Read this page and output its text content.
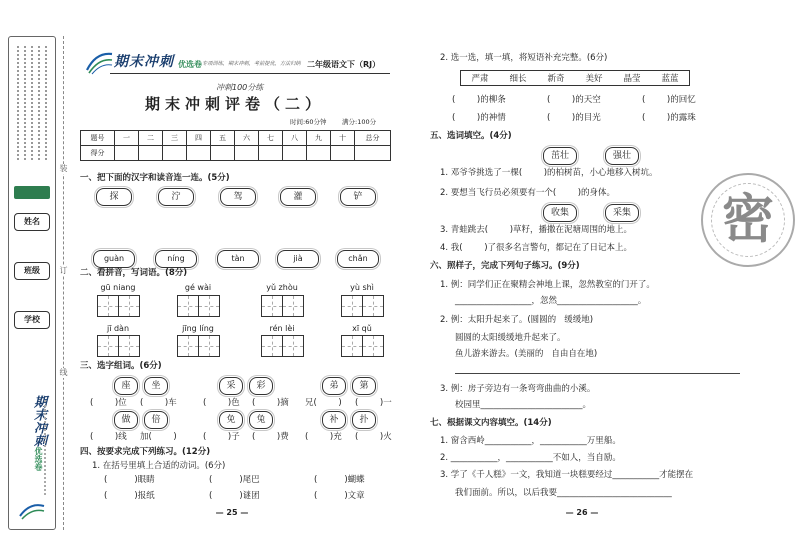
姓名
班级
学校
期末冲刺优选卷
装
订
线
期末冲刺 优选卷 专项训练，期末冲刺，考前提优，方法归纳 二年级语文下（RJ）
冲刺100分练
期末冲刺评卷（二）
时间:60分钟 满分:100分
题号	一	二	三	四	五	六	七	八	九	十	总分
得分											
一、把下面的汉字和读音连一连。(5分)
探	泞	驾	灌	铲
guàn	níng	tàn	jià	chǎn
二、看拼音，写词语。(8分)
gū niang	gé wài	yǔ zhòu	yù shì
jī dàn	jīng líng	rén lèi	xī qǔ
三、选字组词。(6分)
座	坐	采	彩	弟	第
(        )位 (        )车	(        )色 (        )摘 兄(        ) (        )一
做	倍	免	兔	补	扑
(        )线 加(        )	(        )子 (        )费 (        )充 (        )火
四、按要求完成下列练习。(12分)
1. 在括号里填上合适的动词。(6分)
(          )眼睛	(          )尾巴	(          )蝴蝶
(          )报纸	(          )谜团	(          )文章
— 25 —
2. 选一选，填一填，将短语补充完整。(6分)
严肃 细长 新奇 美好 晶莹 蓝蓝
(        )的柳条	(        )的天空	(        )的回忆
(        )的神情	(        )的目光	(        )的露珠
五、选词填空。(4分)
茁壮	强壮
1. 邓爷爷挑选了一棵(        )的柏树苗，小心地移入树坑。
2. 要想当飞行员必须要有一个(        )的身体。
收集	采集
3. 青蛙跳去(        )草籽，播撒在泥塘周围的地上。
4. 我(        )了很多名言警句，都记在了日记本上。
六、照样子，完成下列句子练习。(9分)
1. 例：同学们正在聚精会神地上课，忽然教室的门开了。
__________________，忽然___________________。
2. 例：太阳升起来了。(圆圆的   缓缓地)
圆圆的太阳缓缓地升起来了。
鱼儿游来游去。(美丽的   自由自在地)
3. 例：房子旁边有一条弯弯曲曲的小溪。
校园里________________________。
七、根据课文内容填空。(14分)
1. 窗含西岭___________，___________万里船。
2. ___________，___________不如人，当自励。
3. 学了《千人糕》一文，我知道一块糕要经过___________才能摆在
我们面前。所以，以后我要___________________________
— 26 —
密
